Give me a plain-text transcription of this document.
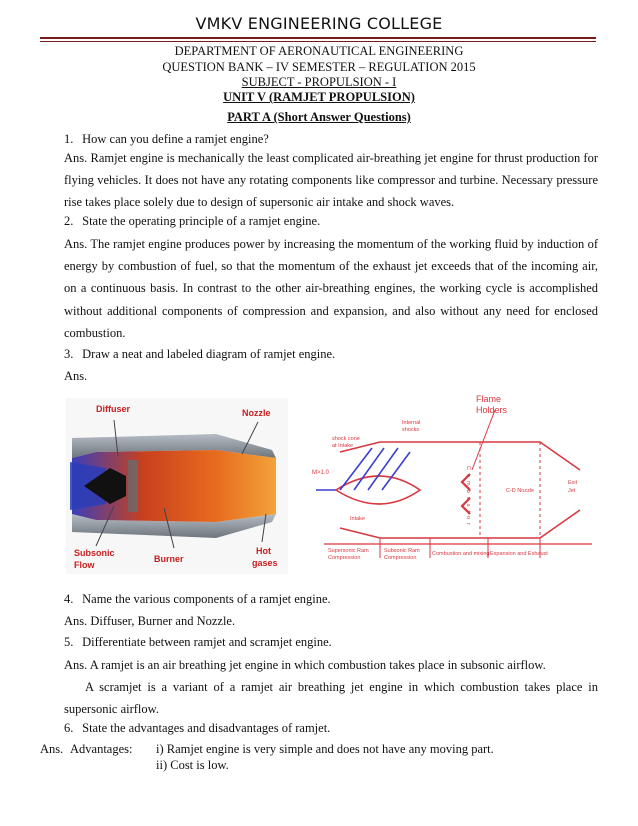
VMKV ENGINEERING COLLEGE
DEPARTMENT OF AERONAUTICAL ENGINEERING
QUESTION BANK – IV SEMESTER – REGULATION 2015
SUBJECT - PROPULSION - I
UNIT V (RAMJET PROPULSION)
PART A (Short Answer Questions)
1. How can you define a ramjet engine?
Ans. Ramjet engine is mechanically the least complicated air-breathing jet engine for thrust production for flying vehicles. It does not have any rotating components like compressor and turbine. Necessary pressure rise takes place solely due to design of supersonic air intake and shock waves.
2. State the operating principle of a ramjet engine.
Ans. The ramjet engine produces power by increasing the momentum of the working fluid by induction of energy by combustion of fuel, so that the momentum of the exhaust jet exceeds that of the incoming air, on a continuous basis. In contrast to the other air-breathing engines, the working cycle is accomplished without additional components of compression and expansion, and also without any need for enclosed combustion.
3. Draw a neat and labeled diagram of ramjet engine.
Ans.
Diffuser	Nozzle
Subsonic
Flow
Burner
Hot
gases
Flame
Holders
Internal
shocks
shock cone
at Intake
M>1.0
Intake
C-D Nozzle
Exit
Jet
Supersonic Ram
Compression
Subsonic Ram
Compression
Combustion and mixing Expansion and Exhaust
Combustor
4. Name the various components of a ramjet engine.
Ans. Diffuser, Burner and Nozzle.
5. Differentiate between ramjet and scramjet engine.
Ans. A ramjet is an air breathing jet engine in which combustion takes place in subsonic airflow.
A scramjet is a variant of a ramjet air breathing jet engine in which combustion takes place in supersonic airflow.
6. State the advantages and disadvantages of ramjet.
Ans. Advantages: i) Ramjet engine is very simple and does not have any moving part.
ii) Cost is low.
